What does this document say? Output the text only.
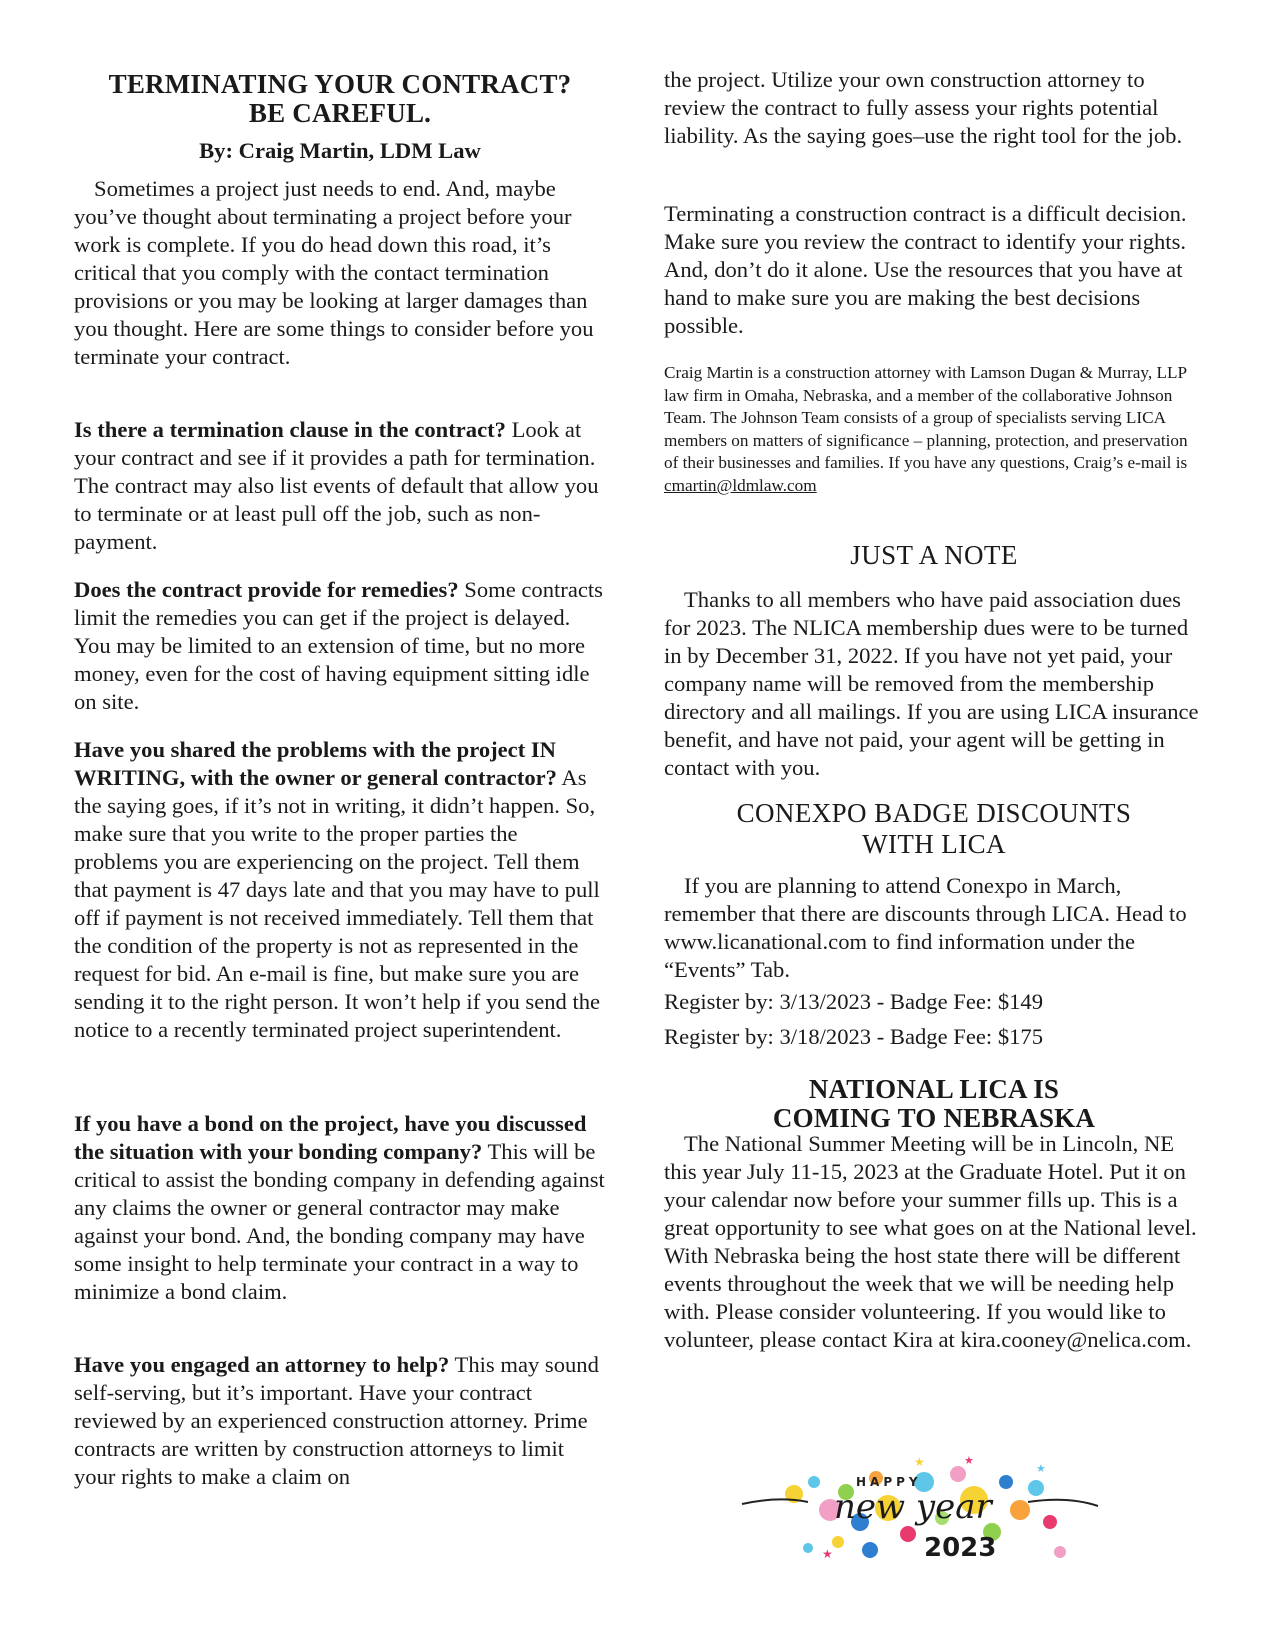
TERMINATING YOUR CONTRACT?

BE CAREFUL.

By: Craig Martin, LDM Law

Sometimes a project just needs to end. And, maybe you’ve thought about terminating a project before your work is complete. If you do head down this road, it’s critical that you comply with the contact termination provisions or you may be looking at larger damages than you thought. Here are some things to consider before you terminate your contract.

Is there a termination clause in the contract? Look at your contract and see if it provides a path for termination. The contract may also list events of default that allow you to terminate or at least pull off the job, such as non-payment.

Does the contract provide for remedies? Some contracts limit the remedies you can get if the project is delayed. You may be limited to an extension of time, but no more money, even for the cost of having equipment sitting idle on site.

Have you shared the problems with the project IN WRITING, with the owner or general contractor? As the saying goes, if it’s not in writing, it didn’t happen. So, make sure that you write to the proper parties the problems you are experiencing on the project. Tell them that payment is 47 days late and that you may have to pull off if payment is not received immediately. Tell them that the condition of the property is not as represented in the request for bid. An e-mail is fine, but make sure you are sending it to the right person. It won’t help if you send the notice to a recently terminated project superintendent.

If you have a bond on the project, have you discussed the situation with your bonding company? This will be critical to assist the bonding company in defending against any claims the owner or general contractor may make against your bond. And, the bonding company may have some insight to help terminate your contract in a way to minimize a bond claim.

Have you engaged an attorney to help? This may sound self-serving, but it’s important. Have your contract reviewed by an experienced construction attorney. Prime contracts are written by construction attorneys to limit your rights to make a claim on

the project. Utilize your own construction attorney to review the contract to fully assess your rights potential liability. As the saying goes–use the right tool for the job.

Terminating a construction contract is a difficult decision. Make sure you review the contract to identify your rights. And, don’t do it alone. Use the resources that you have at hand to make sure you are making the best decisions possible.

Craig Martin is a construction attorney with Lamson Dugan & Murray, LLP law firm in Omaha, Nebraska, and a member of the collaborative Johnson Team. The Johnson Team consists of a group of specialists serving LICA members on matters of significance – planning, protection, and preservation of their businesses and families. If you have any questions, Craig’s e-mail is cmartin@ldmlaw.com

JUST A NOTE

Thanks to all members who have paid association dues for 2023. The NLICA membership dues were to be turned in by December 31, 2022. If you have not yet paid, your company name will be removed from the membership directory and all mailings. If you are using LICA insurance benefit, and have not paid, your agent will be getting in contact with you.

CONEXPO BADGE DISCOUNTS

WITH LICA

If you are planning to attend Conexpo in March, remember that there are discounts through LICA. Head to www.licanational.com to find information under the “Events” Tab.

Register by: 3/13/2023 - Badge Fee: $149

Register by: 3/18/2023 - Badge Fee: $175

NATIONAL LICA IS

COMING TO NEBRASKA

The National Summer Meeting will be in Lincoln, NE this year July 11-15, 2023 at the Graduate Hotel. Put it on your calendar now before your summer fills up. This is a great opportunity to see what goes on at the National level. With Nebraska being the host state there will be different events throughout the week that we will be needing help with. Please consider volunteering. If you would like to volunteer, please contact Kira at kira.cooney@nelica.com.

★	★
★
★
HAPPY
new year
2023
